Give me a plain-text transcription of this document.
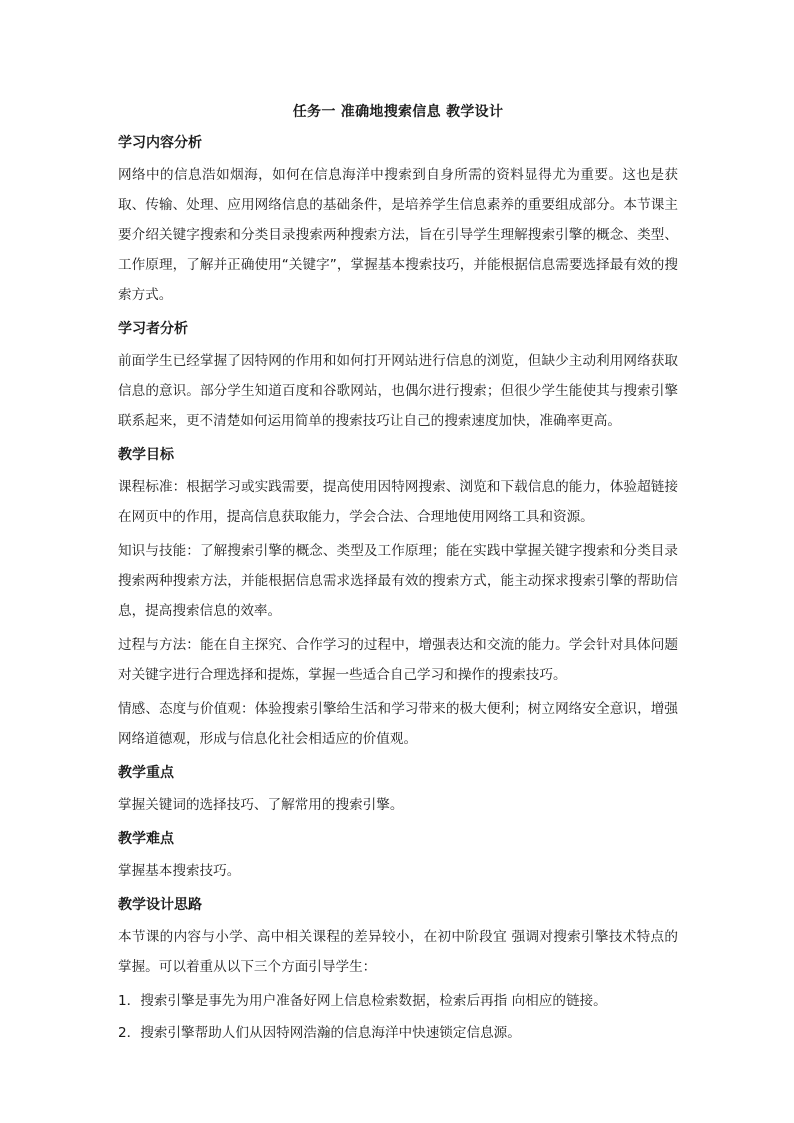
任务一 准确地搜索信息 教学设计
学习内容分析

网络中的信息浩如烟海，如何在信息海洋中搜索到自身所需的资料显得尤为重要。这也是获取、传输、处理、应用网络信息的基础条件，是培养学生信息素养的重要组成部分。本节课主要介绍关键字搜索和分类目录搜索两种搜索方法，旨在引导学生理解搜索引擎的概念、类型、工作原理，了解并正确使用“关键字”，掌握基本搜索技巧，并能根据信息需要选择最有效的搜索方式。

学习者分析

前面学生已经掌握了因特网的作用和如何打开网站进行信息的浏览，但缺少主动利用网络获取信息的意识。部分学生知道百度和谷歌网站，也偶尔进行搜索；但很少学生能使其与搜索引擎联系起来，更不清楚如何运用简单的搜索技巧让自己的搜索速度加快，准确率更高。

教学目标

课程标准：根据学习或实践需要，提高使用因特网搜索、浏览和下载信息的能力，体验超链接在网页中的作用，提高信息获取能力，学会合法、合理地使用网络工具和资源。

知识与技能：了解搜索引擎的概念、类型及工作原理；能在实践中掌握关键字搜索和分类目录搜索两种搜索方法，并能根据信息需求选择最有效的搜索方式，能主动探求搜索引擎的帮助信息，提高搜索信息的效率。

过程与方法：能在自主探究、合作学习的过程中，增强表达和交流的能力。学会针对具体问题对关键字进行合理选择和提炼，掌握一些适合自己学习和操作的搜索技巧。

情感、态度与价值观：体验搜索引擎给生活和学习带来的极大便利；树立网络安全意识，增强网络道德观，形成与信息化社会相适应的价值观。

教学重点

掌握关键词的选择技巧、了解常用的搜索引擎。

教学难点

掌握基本搜索技巧。

教学设计思路

本节课的内容与小学、高中相关课程的差异较小，在初中阶段宜 强调对搜索引擎技术特点的掌握。可以着重从以下三个方面引导学生：

1．搜索引擎是事先为用户准备好网上信息检索数据，检索后再指 向相应的链接。

2．搜索引擎帮助人们从因特网浩瀚的信息海洋中快速锁定信息源。
